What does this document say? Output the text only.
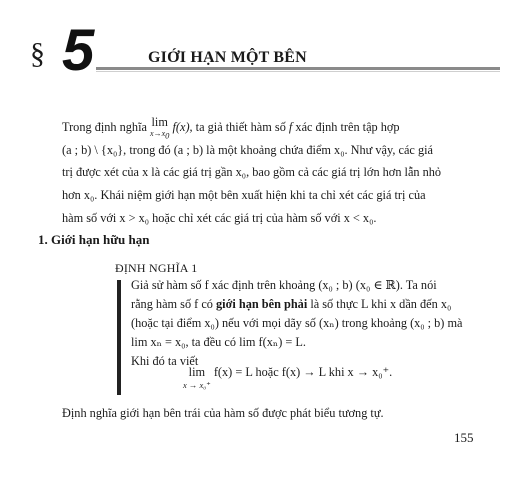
§ 5	GIỚI HẠN MỘT BÊN

Trong định nghĩa lim
$x\to x_0$
f(x), ta giả thiết hàm số f xác định trên tập hợp

(a ; b) \ {x₀}, trong đó (a ; b) là một khoảng chứa điểm x₀. Như vậy, các giá

trị được xét của x là các giá trị gần x₀, bao gồm cả các giá trị lớn hơn lẫn nhỏ

hơn x₀. Khái niệm giới hạn một bên xuất hiện khi ta chỉ xét các giá trị của

hàm số với x > x₀ hoặc chỉ xét các giá trị của hàm số với x < x₀.

1. Giới hạn hữu hạn
ĐỊNH NGHĨA 1
Giả sử hàm số f xác định trên khoảng (x₀ ; b) (x₀ ∈ ℝ). Ta nói
rằng hàm số f có giới hạn bên phải là số thực L khi x dần đến x₀
(hoặc tại điểm x₀) nếu với mọi dãy số (xₙ) trong khoảng (x₀ ; b) mà
lim xₙ = x₀, ta đều có lim f(xₙ) = L.
Khi đó ta viết
lim
x → x₀⁺
f(x) = L hoặc f(x) → L khi x → x₀⁺.
Định nghĩa giới hạn bên trái của hàm số được phát biểu tương tự.
155
